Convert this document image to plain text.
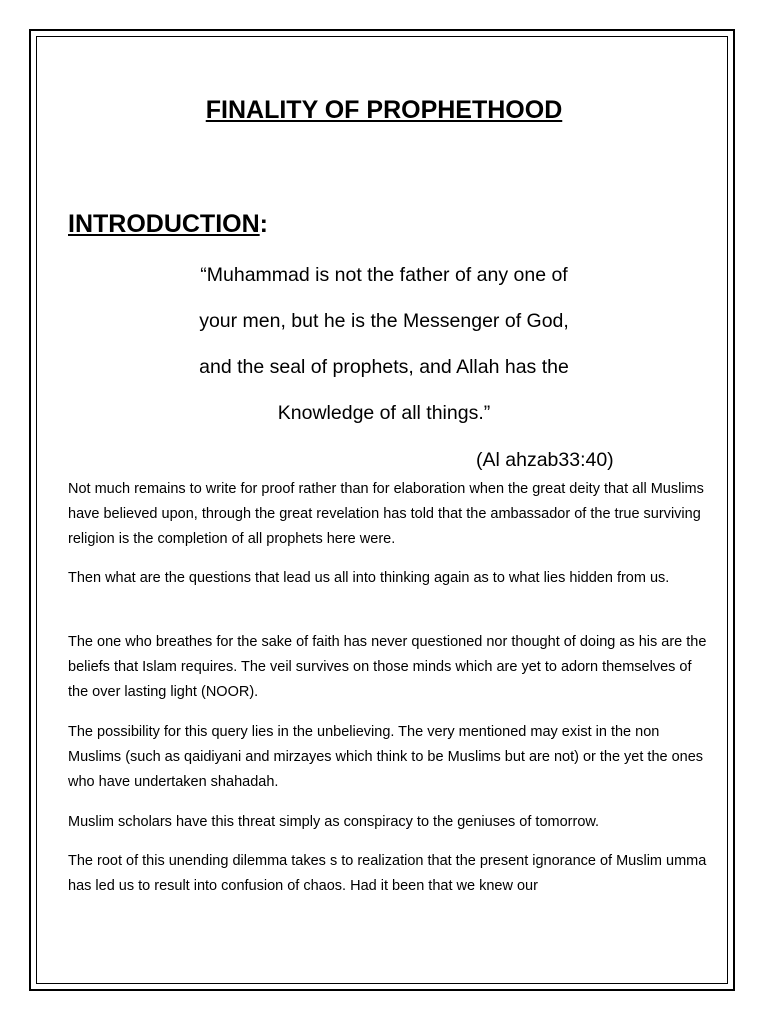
FINALITY OF PROPHETHOOD
INTRODUCTION:
“Muhammad is not the father of any one of
your men, but he is the Messenger of God,
and the seal of prophets, and Allah has the
Knowledge of all things.”
(Al ahzab33:40)

Not much remains to write for proof rather than for elaboration when the great deity that all Muslims have believed upon, through the great revelation has told that the ambassador of the true surviving religion is the completion of all prophets here were.

Then what are the questions that lead us all into thinking again as to what lies hidden from us.

The one who breathes for the sake of faith has never questioned nor thought of doing as his are the beliefs that Islam requires. The veil survives on those minds which are yet to adorn themselves of the over lasting light (NOOR).

The possibility for this query lies in the unbelieving. The very mentioned may exist in the non Muslims (such as qaidiyani and mirzayes which think to be Muslims but are not) or the yet the ones who have undertaken shahadah.

Muslim scholars have this threat simply as conspiracy to the geniuses of tomorrow.

The root of this unending dilemma takes s to realization that the present ignorance of Muslim umma has led us to result into confusion of chaos. Had it been that we knew our
